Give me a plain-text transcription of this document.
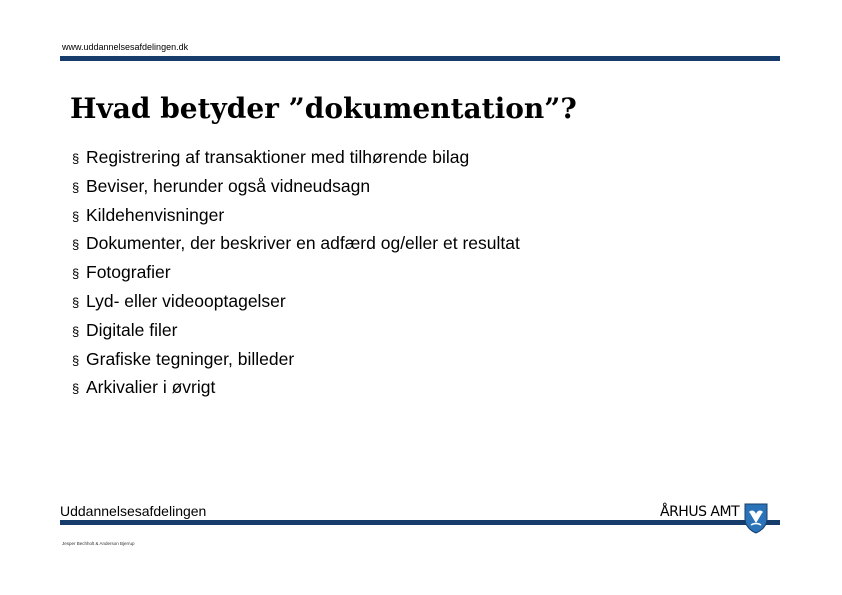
www.uddannelsesafdelingen.dk
Hvad betyder ”dokumentation”?
§ Registrering af transaktioner med tilhørende bilag
§ Beviser, herunder også vidneudsagn
§ Kildehenvisninger
§ Dokumenter, der beskriver en adfærd og/eller et resultat
§ Fotografier
§ Lyd- eller videooptagelser
§ Digitale filer
§ Grafiske tegninger, billeder
§ Arkivalier i øvrigt
Uddannelsesafdelingen
Jesper Bechholt & Anderson Bjerrup
ÅRHUS AMT
